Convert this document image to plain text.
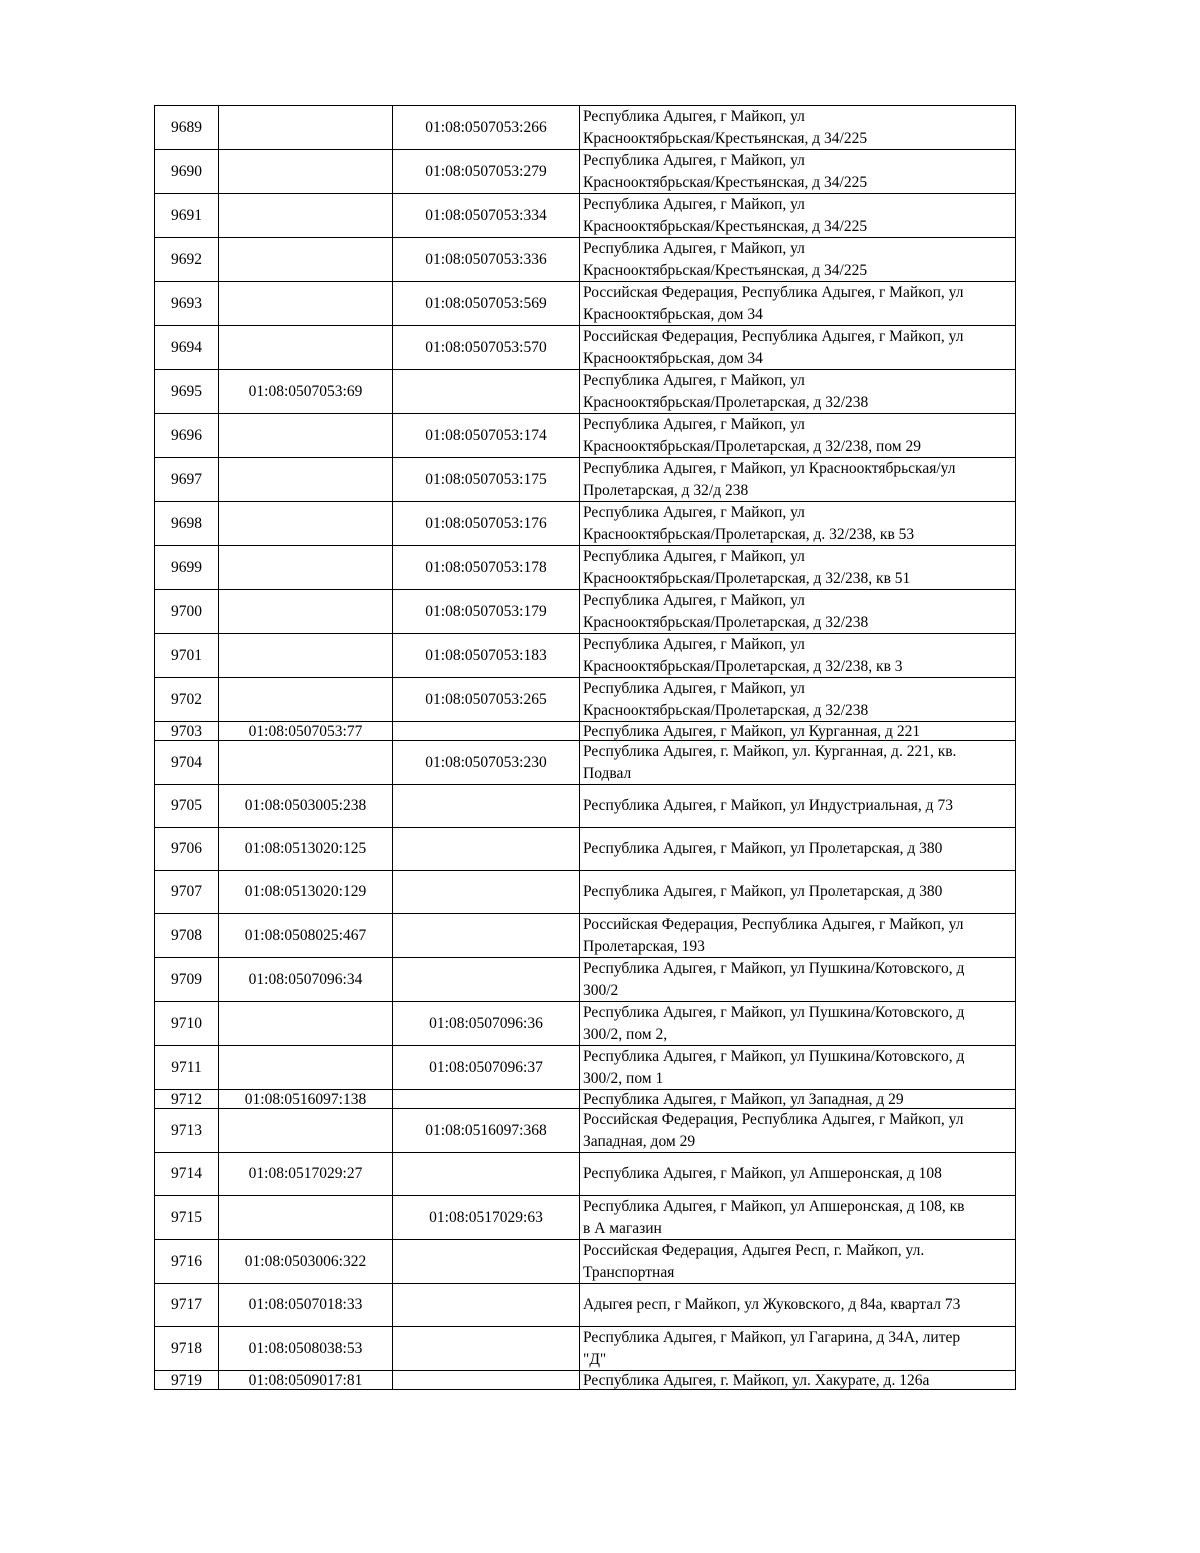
9689		01:08:0507053:266	Республика Адыгея, г Майкоп, ул
Краснооктябрьская/Крестьянская, д 34/225

9690		01:08:0507053:279	Республика Адыгея, г Майкоп, ул
Краснооктябрьская/Крестьянская, д 34/225

9691		01:08:0507053:334	Республика Адыгея, г Майкоп, ул
Краснооктябрьская/Крестьянская, д 34/225

9692		01:08:0507053:336	Республика Адыгея, г Майкоп, ул
Краснооктябрьская/Крестьянская, д 34/225

9693		01:08:0507053:569	Российская Федерация, Республика Адыгея, г Майкоп, ул
Краснооктябрьская, дом 34

9694		01:08:0507053:570	Российская Федерация, Республика Адыгея, г Майкоп, ул
Краснооктябрьская, дом 34

9695	01:08:0507053:69		Республика Адыгея, г Майкоп, ул
Краснооктябрьская/Пролетарская, д 32/238

9696		01:08:0507053:174	Республика Адыгея, г Майкоп, ул
Краснооктябрьская/Пролетарская, д 32/238, пом 29

9697		01:08:0507053:175	Республика Адыгея, г Майкоп, ул Краснооктябрьская/ул
Пролетарская, д 32/д 238

9698		01:08:0507053:176	Республика Адыгея, г Майкоп, ул
Краснооктябрьская/Пролетарская, д. 32/238, кв 53

9699		01:08:0507053:178	Республика Адыгея, г Майкоп, ул
Краснооктябрьская/Пролетарская, д 32/238, кв 51

9700		01:08:0507053:179	Республика Адыгея, г Майкоп, ул
Краснооктябрьская/Пролетарская, д 32/238

9701		01:08:0507053:183	Республика Адыгея, г Майкоп, ул
Краснооктябрьская/Пролетарская, д 32/238, кв 3

9702		01:08:0507053:265	Республика Адыгея, г Майкоп, ул
Краснооктябрьская/Пролетарская, д 32/238

9703	01:08:0507053:77		Республика Адыгея, г Майкоп, ул Курганная, д 221

9704		01:08:0507053:230	Республика Адыгея, г. Майкоп, ул. Курганная, д. 221, кв.
Подвал

9705	01:08:0503005:238		Республика Адыгея, г Майкоп, ул Индустриальная, д 73

9706	01:08:0513020:125		Республика Адыгея, г Майкоп, ул Пролетарская, д 380

9707	01:08:0513020:129		Республика Адыгея, г Майкоп, ул Пролетарская, д 380

9708	01:08:0508025:467		Российская Федерация, Республика Адыгея, г Майкоп, ул
Пролетарская, 193

9709	01:08:0507096:34		Республика Адыгея, г Майкоп, ул Пушкина/Котовского, д
300/2

9710		01:08:0507096:36	Республика Адыгея, г Майкоп, ул Пушкина/Котовского, д
300/2, пом 2,

9711		01:08:0507096:37	Республика Адыгея, г Майкоп, ул Пушкина/Котовского, д
300/2, пом 1

9712	01:08:0516097:138		Республика Адыгея, г Майкоп, ул Западная, д 29

9713		01:08:0516097:368	Российская Федерация, Республика Адыгея, г Майкоп, ул
Западная, дом 29

9714	01:08:0517029:27		Республика Адыгея, г Майкоп, ул Апшеронская, д 108

9715		01:08:0517029:63	Республика Адыгея, г Майкоп, ул Апшеронская, д 108, кв
в А магазин

9716	01:08:0503006:322		Российская Федерация, Адыгея Респ, г. Майкоп, ул.
Транспортная

9717	01:08:0507018:33		Адыгея респ, г Майкоп, ул Жуковского, д 84а, квартал 73

9718	01:08:0508038:53		Республика Адыгея, г Майкоп, ул Гагарина, д 34А, литер
"Д"

9719	01:08:0509017:81		Республика Адыгея, г. Майкоп, ул. Хакурате, д. 126а
